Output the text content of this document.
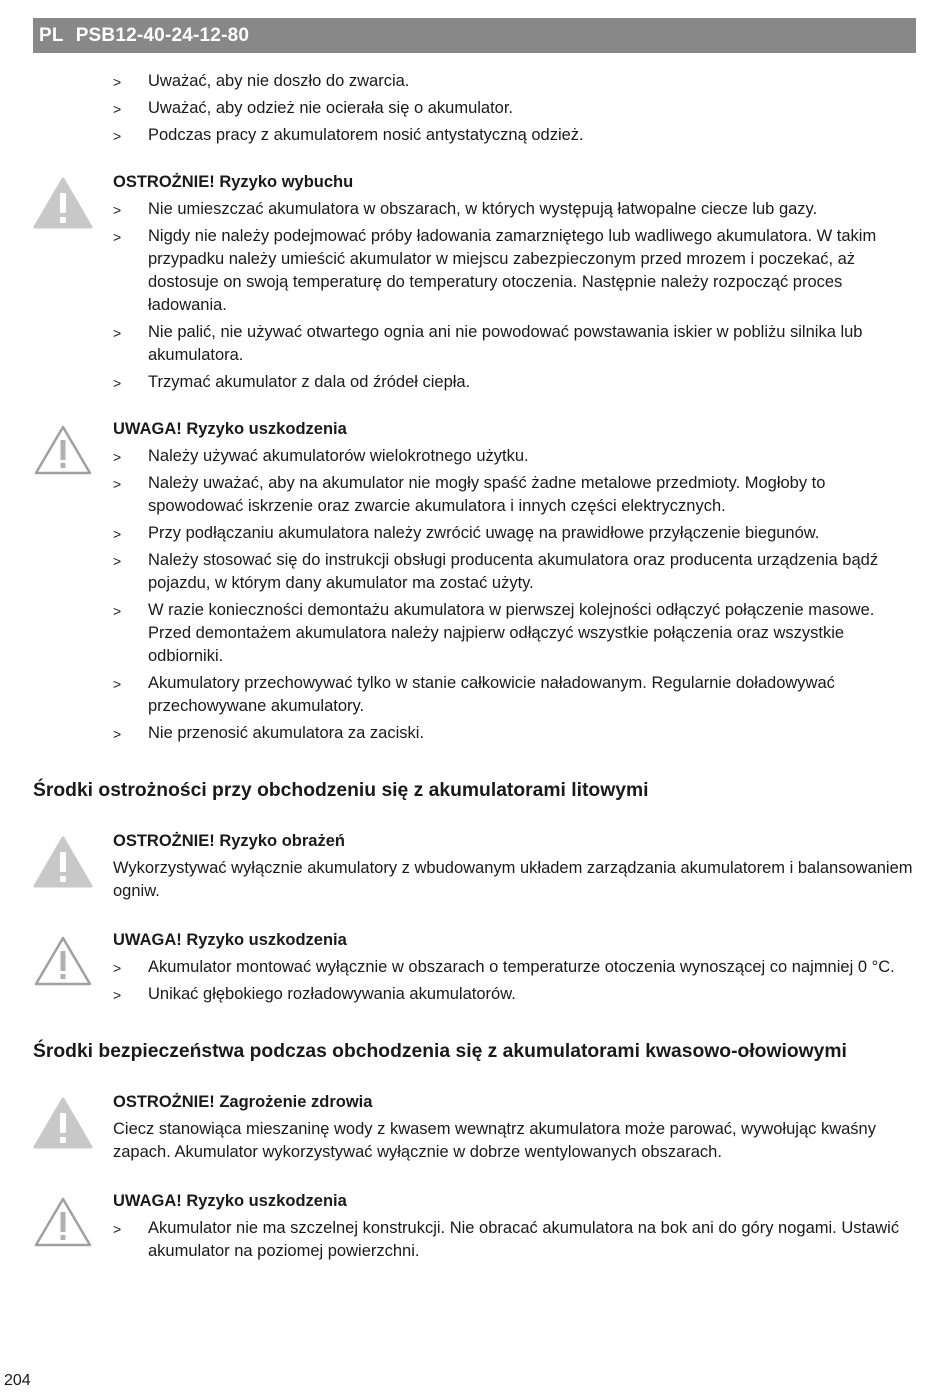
PL PSB12-40-24-12-80
> Uważać, aby nie doszło do zwarcia.
> Uważać, aby odzież nie ocierała się o akumulator.
> Podczas pracy z akumulatorem nosić antystatyczną odzież.
OSTROŻNIE! Ryzyko wybuchu
> Nie umieszczać akumulatora w obszarach, w których występują łatwopalne ciecze lub gazy.
> Nigdy nie należy podejmować próby ładowania zamarzniętego lub wadliwego akumulatora. W takim przypadku należy umieścić akumulator w miejscu zabezpieczonym przed mrozem i poczekać, aż dostosuje on swoją temperaturę do temperatury otoczenia. Następnie należy rozpocząć proces ładowania.
> Nie palić, nie używać otwartego ognia ani nie powodować powstawania iskier w pobliżu silnika lub akumulatora.
> Trzymać akumulator z dala od źródeł ciepła.
UWAGA! Ryzyko uszkodzenia
> Należy używać akumulatorów wielokrotnego użytku.
> Należy uważać, aby na akumulator nie mogły spaść żadne metalowe przedmioty. Mogłoby to spowodować iskrzenie oraz zwarcie akumulatora i innych części elektrycznych.
> Przy podłączaniu akumulatora należy zwrócić uwagę na prawidłowe przyłączenie biegunów.
> Należy stosować się do instrukcji obsługi producenta akumulatora oraz producenta urządzenia bądź pojazdu, w którym dany akumulator ma zostać użyty.
> W razie konieczności demontażu akumulatora w pierwszej kolejności odłączyć połączenie masowe. Przed demontażem akumulatora należy najpierw odłączyć wszystkie połączenia oraz wszystkie odbiorniki.
> Akumulatory przechowywać tylko w stanie całkowicie naładowanym. Regularnie doładowywać przechowywane akumulatory.
> Nie przenosić akumulatora za zaciski.
Środki ostrożności przy obchodzeniu się z akumulatorami litowymi
OSTROŻNIE! Ryzyko obrażeń
Wykorzystywać wyłącznie akumulatory z wbudowanym układem zarządzania akumulatorem i balansowaniem ogniw.
UWAGA! Ryzyko uszkodzenia
> Akumulator montować wyłącznie w obszarach o temperaturze otoczenia wynoszącej co najmniej 0 °C.
> Unikać głębokiego rozładowywania akumulatorów.
Środki bezpieczeństwa podczas obchodzenia się z akumulatorami kwasowo-ołowiowymi
OSTROŻNIE! Zagrożenie zdrowia
Ciecz stanowiąca mieszaninę wody z kwasem wewnątrz akumulatora może parować, wywołując kwaśny zapach. Akumulator wykorzystywać wyłącznie w dobrze wentylowanych obszarach.
UWAGA! Ryzyko uszkodzenia
> Akumulator nie ma szczelnej konstrukcji. Nie obracać akumulatora na bok ani do góry nogami. Ustawić akumulator na poziomej powierzchni.
204
